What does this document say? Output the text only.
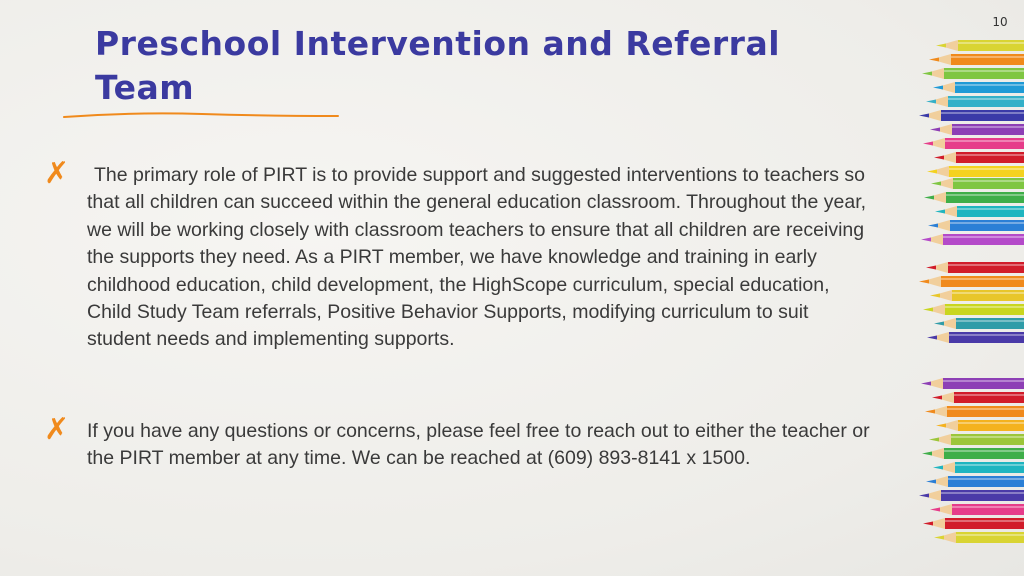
10
Preschool Intervention and Referral Team
✗	The primary role of PIRT is to provide support and suggested interventions to teachers so that all children can succeed within the general education classroom. Throughout the year, we will be working closely with classroom teachers to ensure that all children are receiving the supports they need. As a PIRT member, we have knowledge and training in early childhood education, child development, the HighScope curriculum, special education, Child Study Team referrals, Positive Behavior Supports, modifying curriculum to suit student needs and implementing supports.
✗ If you have any questions or concerns, please feel free to reach out to either the teacher or the PIRT member at any time. We can be reached at (609) 893-8141 x 1500.
